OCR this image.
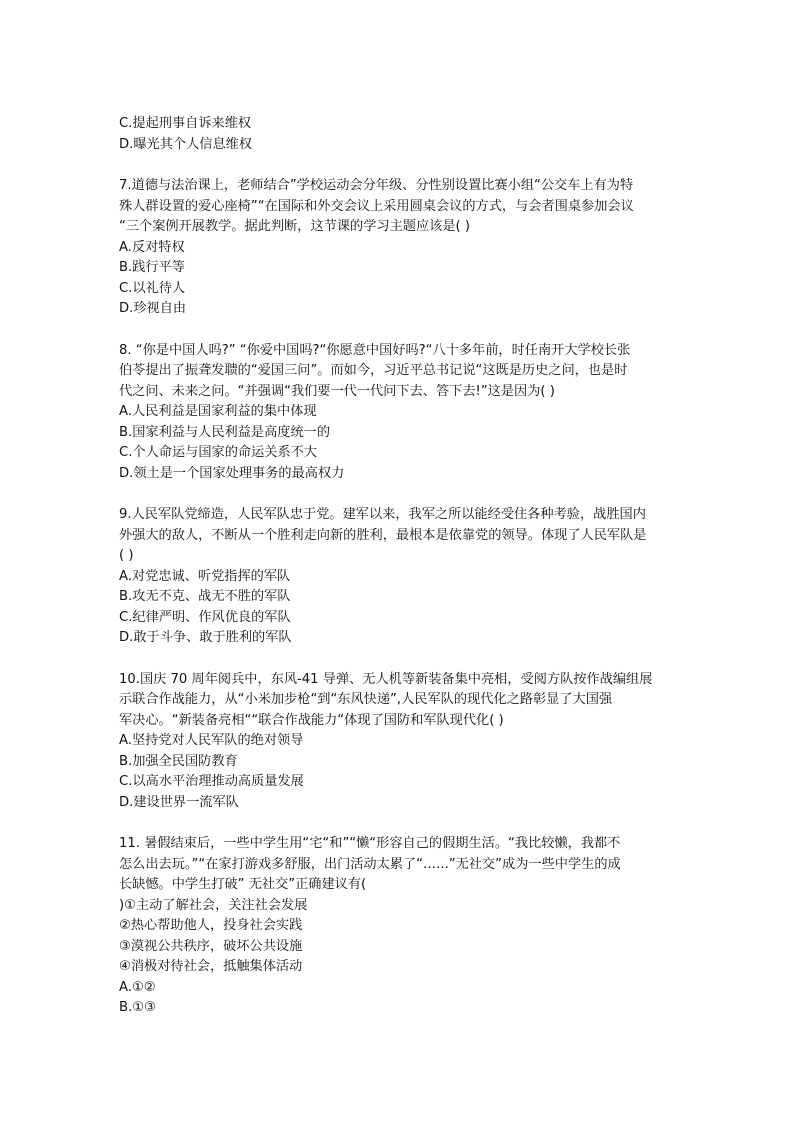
C.提起刑事自诉来维权
D.曝光其个人信息维权
7.道德与法治课上，老师结合”学校运动会分年级、分性别设置比赛小组“公交车上有为特
殊人群设置的爱心座椅”“在国际和外交会议上采用圆桌会议的方式，与会者围桌参加会议
“三个案例开展教学。据此判断，这节课的学习主题应该是( )
A.反对特权
B.践行平等
C.以礼待人
D.珍视自由
8. “你是中国人吗?” “你爱中国吗?“你愿意中国好吗?“八十多年前，时任南开大学校长张
伯苓提出了振聋发聩的“爱国三问”。而如今，习近平总书记说“这既是历史之问，也是时
代之问、未来之问。“并强调“我们要一代一代问下去、答下去!”这是因为( )
A.人民利益是国家利益的集中体现
B.国家利益与人民利益是高度统一的
C.个人命运与国家的命运关系不大
D.领土是一个国家处理事务的最高权力
9.人民军队党缔造，人民军队忠于党。建军以来，我军之所以能经受住各种考验，战胜国内
外强大的敌人，不断从一个胜利走向新的胜利，最根本是依靠党的领导。体现了人民军队是
( )
A.对党忠诚、听党指挥的军队
B.攻无不克、战无不胜的军队
C.纪律严明、作风优良的军队
D.敢于斗争、敢于胜利的军队
10.国庆 70 周年阅兵中，东风-41 导弹、无人机等新装备集中亮相，受阅方队按作战编组展
示联合作战能力，从“小米加步枪“到“东风快递”,人民军队的现代化之路彰显了大国强
军决心。“新装备亮相““联合作战能力“体现了国防和军队现代化( )
A.坚持党对人民军队的绝对领导
B.加强全民国防教育
C.以高水平治理推动高质量发展
D.建设世界一流军队
11. 暑假结束后，一些中学生用“宅“和”“懒“形容自己的假期生活。“我比较懒，我都不
怎么出去玩。”“在家打游戏多舒服，出门活动太累了“.…..”无社交”成为一些中学生的成
长缺憾。中学生打破” 无社交”正确建议有(
)①主动了解社会，关注社会发展
②热心帮助他人，投身社会实践
③漠视公共秩序，破坏公共设施
④消极对待社会，抵触集体活动
A.①②
B.①③
